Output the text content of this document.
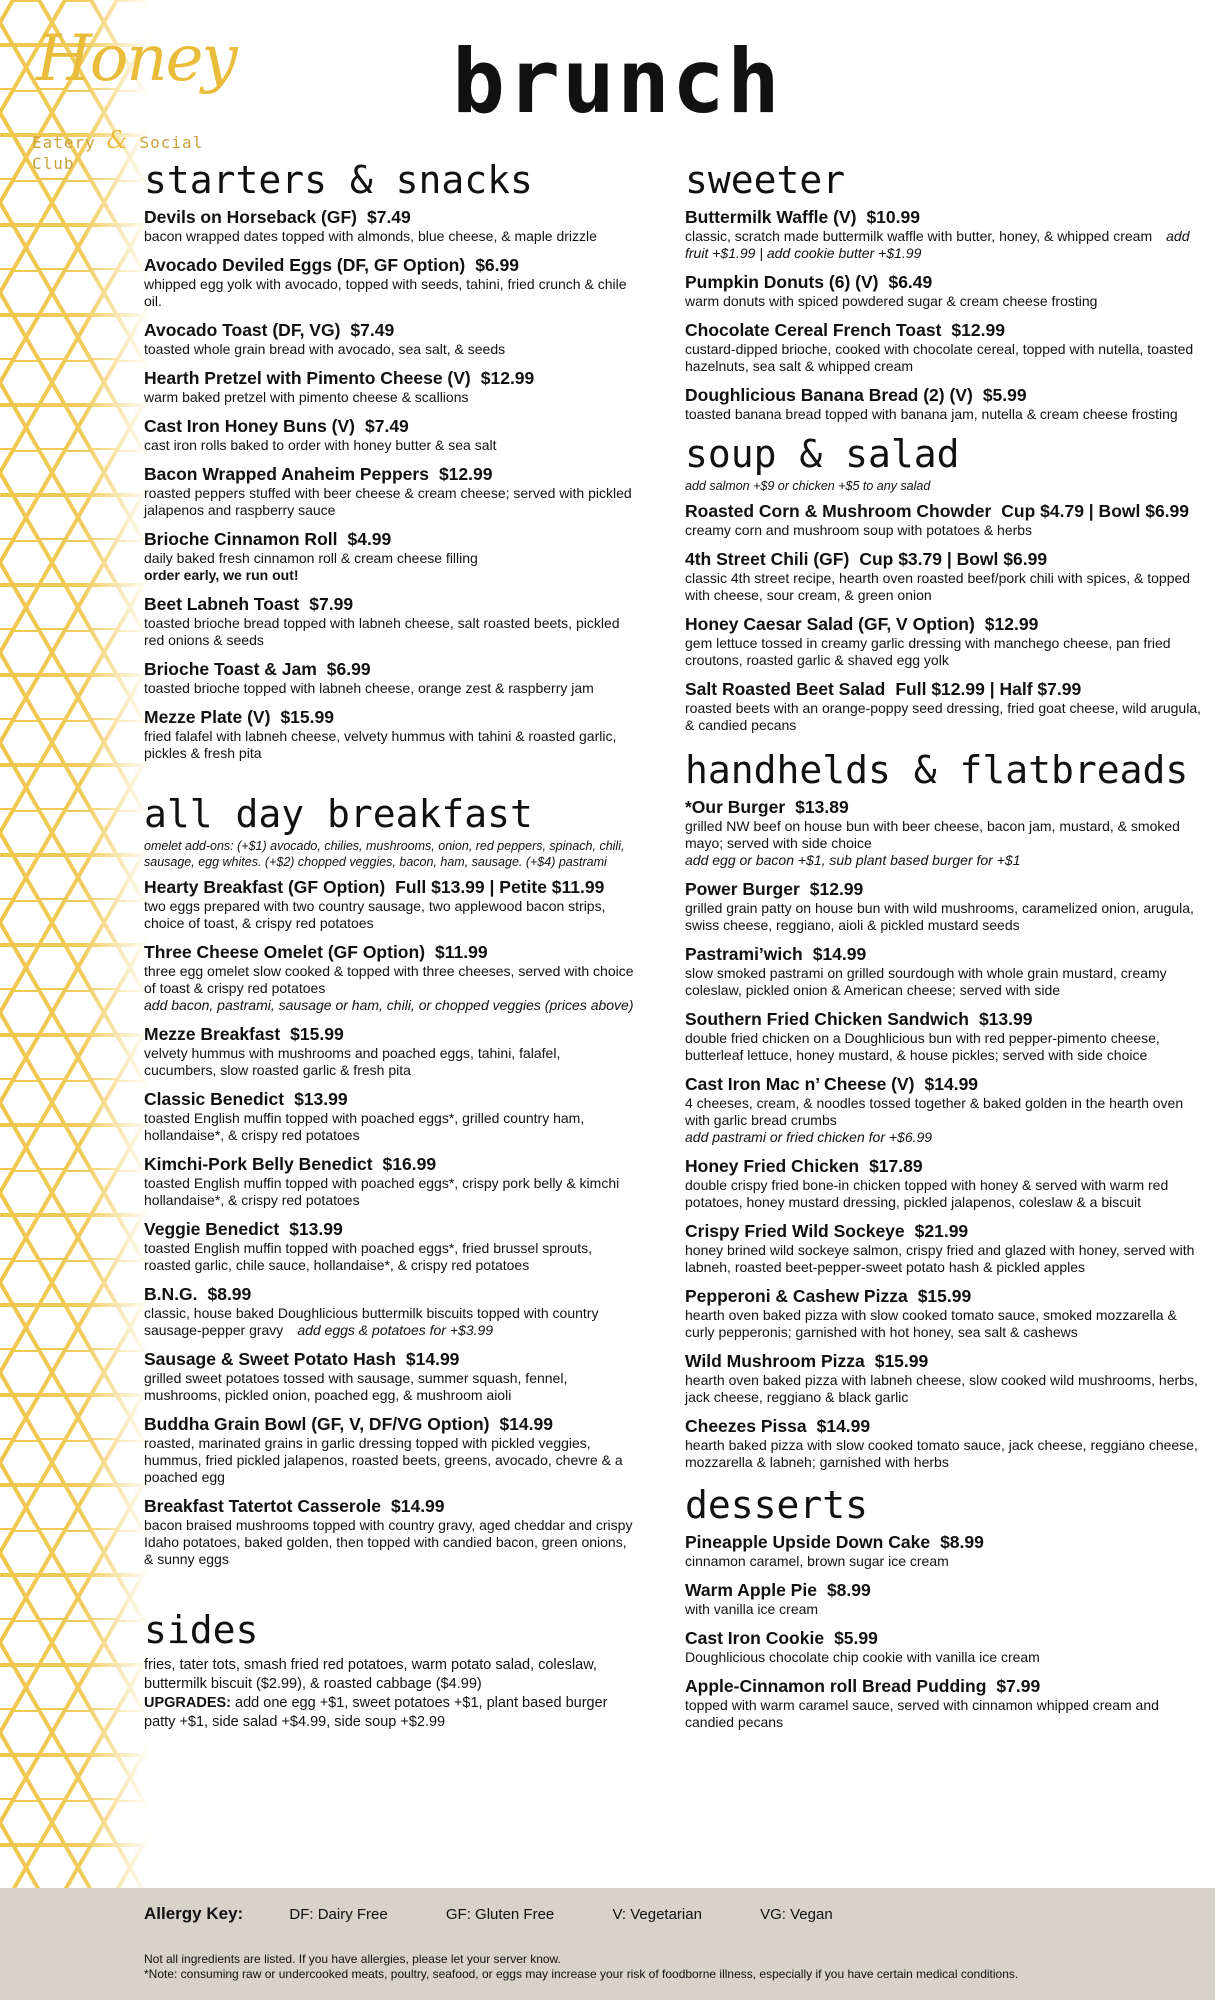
Honey
Eatery & Social Club
brunch
starters & snacks
Devils on Horseback (GF) $7.49
bacon wrapped dates topped with almonds, blue cheese, & maple drizzle
Avocado Deviled Eggs (DF, GF Option) $6.99
whipped egg yolk with avocado, topped with seeds, tahini, fried crunch & chile oil.
Avocado Toast (DF, VG) $7.49
toasted whole grain bread with avocado, sea salt, & seeds
Hearth Pretzel with Pimento Cheese (V) $12.99
warm baked pretzel with pimento cheese & scallions
Cast Iron Honey Buns (V) $7.49
cast iron rolls baked to order with honey butter & sea salt
Bacon Wrapped Anaheim Peppers $12.99
roasted peppers stuffed with beer cheese & cream cheese; served with pickled jalapenos and raspberry sauce
Brioche Cinnamon Roll $4.99
daily baked fresh cinnamon roll & cream cheese filling
order early, we run out!
Beet Labneh Toast $7.99
toasted brioche bread topped with labneh cheese, salt roasted beets, pickled red onions & seeds
Brioche Toast & Jam $6.99
toasted brioche topped with labneh cheese, orange zest & raspberry jam
Mezze Plate (V) $15.99
fried falafel with labneh cheese, velvety hummus with tahini & roasted garlic, pickles & fresh pita
all day breakfast
omelet add-ons: (+$1) avocado, chilies, mushrooms, onion, red peppers, spinach, chili, sausage, egg whites. (+$2) chopped veggies, bacon, ham, sausage. (+$4) pastrami
Hearty Breakfast (GF Option) Full $13.99 | Petite $11.99
two eggs prepared with two country sausage, two applewood bacon strips, choice of toast, & crispy red potatoes
Three Cheese Omelet (GF Option) $11.99
three egg omelet slow cooked & topped with three cheeses, served with choice of toast & crispy red potatoes
add bacon, pastrami, sausage or ham, chili, or chopped veggies (prices above)
Mezze Breakfast $15.99
velvety hummus with mushrooms and poached eggs, tahini, falafel, cucumbers, slow roasted garlic & fresh pita
Classic Benedict $13.99
toasted English muffin topped with poached eggs*, grilled country ham, hollandaise*, & crispy red potatoes
Kimchi-Pork Belly Benedict $16.99
toasted English muffin topped with poached eggs*, crispy pork belly & kimchi hollandaise*, & crispy red potatoes
Veggie Benedict $13.99
toasted English muffin topped with poached eggs*, fried brussel sprouts, roasted garlic, chile sauce, hollandaise*, & crispy red potatoes
B.N.G. $8.99
classic, house baked Doughlicious buttermilk biscuits topped with country sausage-pepper gravy add eggs & potatoes for +$3.99
Sausage & Sweet Potato Hash $14.99
grilled sweet potatoes tossed with sausage, summer squash, fennel, mushrooms, pickled onion, poached egg, & mushroom aioli
Buddha Grain Bowl (GF, V, DF/VG Option) $14.99
roasted, marinated grains in garlic dressing topped with pickled veggies, hummus, fried pickled jalapenos, roasted beets, greens, avocado, chevre & a poached egg
Breakfast Tatertot Casserole $14.99
bacon braised mushrooms topped with country gravy, aged cheddar and crispy Idaho potatoes, baked golden, then topped with candied bacon, green onions, & sunny eggs
sides
fries, tater tots, smash fried red potatoes, warm potato salad, coleslaw, buttermilk biscuit ($2.99), & roasted cabbage ($4.99)
UPGRADES: add one egg +$1, sweet potatoes +$1, plant based burger patty +$1, side salad +$4.99, side soup +$2.99
sweeter
Buttermilk Waffle (V) $10.99
classic, scratch made buttermilk waffle with butter, honey, & whipped cream add fruit +$1.99 | add cookie butter +$1.99
Pumpkin Donuts (6) (V) $6.49
warm donuts with spiced powdered sugar & cream cheese frosting
Chocolate Cereal French Toast $12.99
custard-dipped brioche, cooked with chocolate cereal, topped with nutella, toasted hazelnuts, sea salt & whipped cream
Doughlicious Banana Bread (2) (V) $5.99
toasted banana bread topped with banana jam, nutella & cream cheese frosting
soup & salad
add salmon +$9 or chicken +$5 to any salad
Roasted Corn & Mushroom Chowder Cup $4.79 | Bowl $6.99
creamy corn and mushroom soup with potatoes & herbs
4th Street Chili (GF) Cup $3.79 | Bowl $6.99
classic 4th street recipe, hearth oven roasted beef/pork chili with spices, & topped with cheese, sour cream, & green onion
Honey Caesar Salad (GF, V Option) $12.99
gem lettuce tossed in creamy garlic dressing with manchego cheese, pan fried croutons, roasted garlic & shaved egg yolk
Salt Roasted Beet Salad Full $12.99 | Half $7.99
roasted beets with an orange-poppy seed dressing, fried goat cheese, wild arugula, & candied pecans
handhelds & flatbreads
*Our Burger $13.89
grilled NW beef on house bun with beer cheese, bacon jam, mustard, & smoked mayo; served with side choice
add egg or bacon +$1, sub plant based burger for +$1
Power Burger $12.99
grilled grain patty on house bun with wild mushrooms, caramelized onion, arugula, swiss cheese, reggiano, aioli & pickled mustard seeds
Pastrami’wich $14.99
slow smoked pastrami on grilled sourdough with whole grain mustard, creamy coleslaw, pickled onion & American cheese; served with side
Southern Fried Chicken Sandwich $13.99
double fried chicken on a Doughlicious bun with red pepper-pimento cheese, butterleaf lettuce, honey mustard, & house pickles; served with side choice
Cast Iron Mac n’ Cheese (V) $14.99
4 cheeses, cream, & noodles tossed together & baked golden in the hearth oven with garlic bread crumbs
add pastrami or fried chicken for +$6.99
Honey Fried Chicken $17.89
double crispy fried bone-in chicken topped with honey & served with warm red potatoes, honey mustard dressing, pickled jalapenos, coleslaw & a biscuit
Crispy Fried Wild Sockeye $21.99
honey brined wild sockeye salmon, crispy fried and glazed with honey, served with labneh, roasted beet-pepper-sweet potato hash & pickled apples
Pepperoni & Cashew Pizza $15.99
hearth oven baked pizza with slow cooked tomato sauce, smoked mozzarella & curly pepperonis; garnished with hot honey, sea salt & cashews
Wild Mushroom Pizza $15.99
hearth oven baked pizza with labneh cheese, slow cooked wild mushrooms, herbs, jack cheese, reggiano & black garlic
Cheezes Pissa $14.99
hearth baked pizza with slow cooked tomato sauce, jack cheese, reggiano cheese, mozzarella & labneh; garnished with herbs
desserts
Pineapple Upside Down Cake $8.99
cinnamon caramel, brown sugar ice cream
Warm Apple Pie $8.99
with vanilla ice cream
Cast Iron Cookie $5.99
Doughlicious chocolate chip cookie with vanilla ice cream
Apple-Cinnamon roll Bread Pudding $7.99
topped with warm caramel sauce, served with cinnamon whipped cream and candied pecans
Allergy Key:	DF: Dairy Free	GF: Gluten Free	V: Vegetarian	VG: Vegan
Not all ingredients are listed. If you have allergies, please let your server know.
*Note: consuming raw or undercooked meats, poultry, seafood, or eggs may increase your risk of foodborne illness, especially if you have certain medical conditions.
